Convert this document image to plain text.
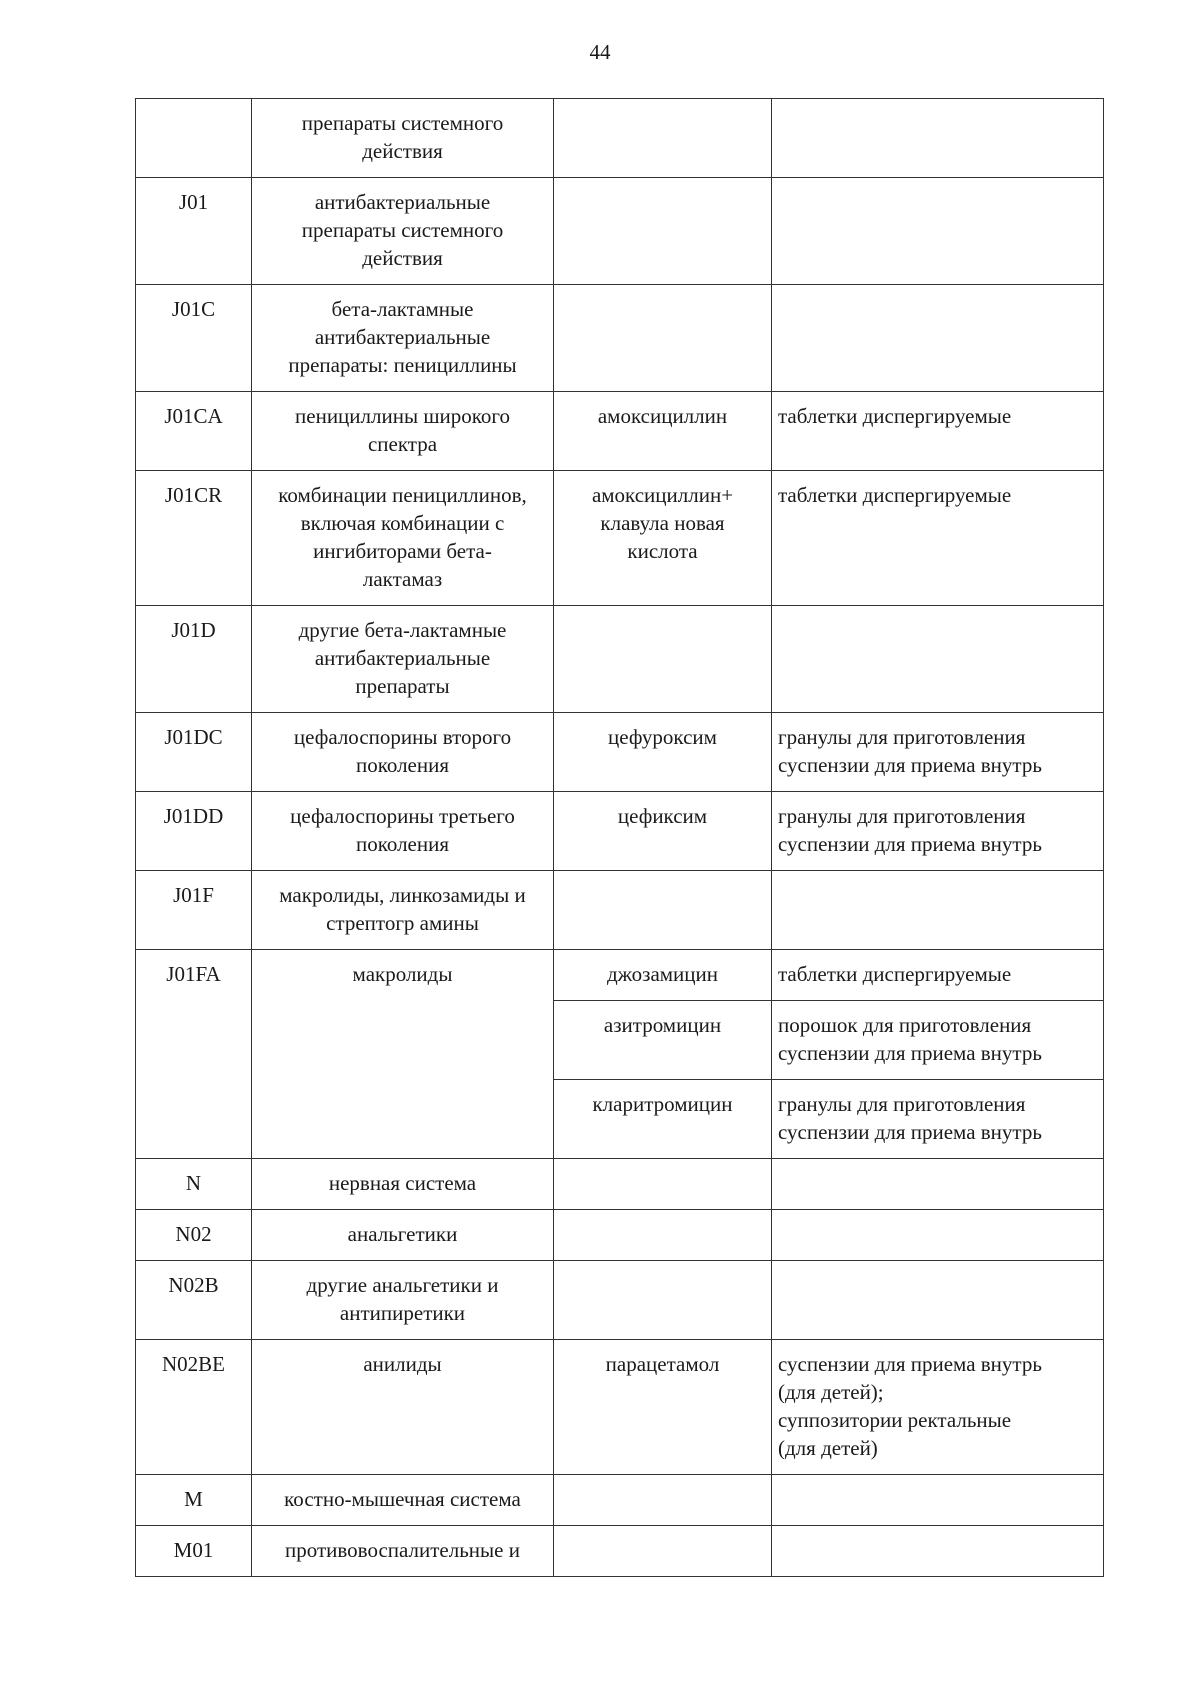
44

	препараты системного
действия		

J01	антибактериальные
препараты системного
действия		

J01C	бета-лактамные
антибактериальные
препараты: пенициллины		

J01CA	пенициллины широкого
спектра	амоксициллин	таблетки диспергируемые

J01CR	комбинации пенициллинов,
включая комбинации с
ингибиторами бета-
лактамаз	амоксициллин+
клавула новая
кислота	таблетки диспергируемые

J01D	другие бета-лактамные
антибактериальные
препараты		

J01DC	цефалоспорины второго
поколения	цефуроксим	гранулы для приготовления
суспензии для приема внутрь

J01DD	цефалоспорины третьего
поколения	цефиксим	гранулы для приготовления
суспензии для приема внутрь

J01F	макролиды, линкозамиды и
стрептогр амины		

J01FA	макролиды	джозамицин	таблетки диспергируемые

		азитромицин	порошок для приготовления
суспензии для приема внутрь

		кларитромицин	гранулы для приготовления
суспензии для приема внутрь

N	нервная система		

N02	анальгетики		

N02B	другие анальгетики и
антипиретики		

N02BE	анилиды	парацетамол	суспензии для приема внутрь
(для детей);
суппозитории ректальные
(для детей)

M	костно-мышечная система		

M01	противовоспалительные и		
